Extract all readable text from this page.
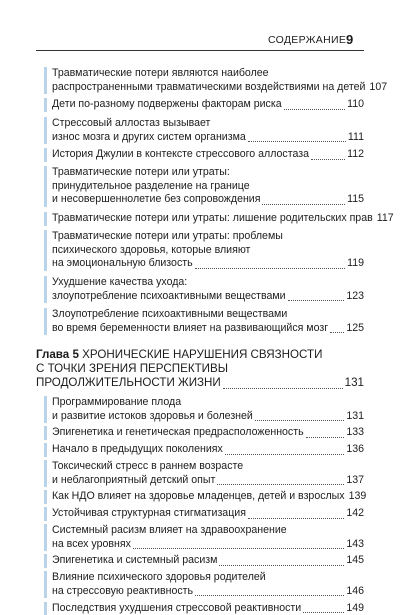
СОДЕРЖАНИЕ 9
Травматические потери являются наиболее
распространенными травматическими воздействиями на детей 107
Дети по-разному подвержены факторам риска	110
Стрессовый аллостаз вызывает
износ мозга и других систем организма	111
История Джулии в контексте стрессового аллостаза	112
Травматические потери или утраты:
принудительное разделение на границе
и несовершеннолетие без сопровождения	115
Травматические потери или утраты: лишение родительских прав 117
Травматические потери или утраты: проблемы
психического здоровья, которые влияют
на эмоциональную близость	119
Ухудшение качества ухода:
злоупотребление психоактивными веществами	123
Злоупотребление психоактивными веществами
во время беременности влияет на развивающийся мозг 125
Глава 5 ХРОНИЧЕСКИЕ НАРУШЕНИЯ СВЯЗНОСТИ
С ТОЧКИ ЗРЕНИЯ ПЕРСПЕКТИВЫ
ПРОДОЛЖИТЕЛЬНОСТИ ЖИЗНИ	131
Программирование плода
и развитие истоков здоровья и болезней	131
Эпигенетика и генетическая предрасположенность	133
Начало в предыдущих поколениях	136
Токсический стресс в раннем возрасте
и неблагоприятный детский опыт	137
Как НДО влияет на здоровье младенцев, детей и взрослых 139
Устойчивая структурная стигматизация	142
Системный расизм влияет на здравоохранение
на всех уровнях	143
Эпигенетика и системный расизм	145
Влияние психического здоровья родителей
на стрессовую реактивность	146
Последствия ухудшения стрессовой реактивности	149
